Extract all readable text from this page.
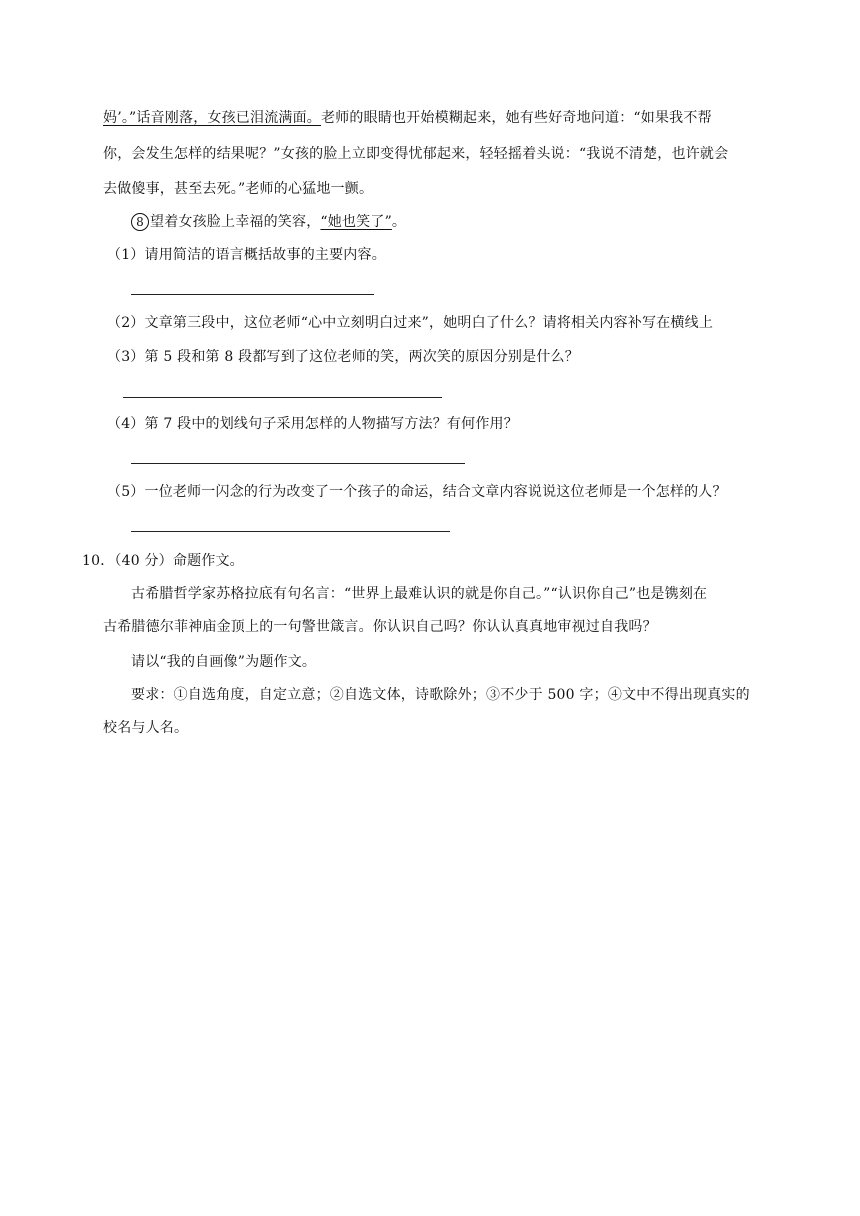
妈’。”话音刚落，女孩已泪流满面。老师的眼睛也开始模糊起来，她有些好奇地问道：“如果我不帮
你，会发生怎样的结果呢？”女孩的脸上立即变得忧郁起来，轻轻摇着头说：“我说不清楚，也许就会
去做傻事，甚至去死。”老师的心猛地一颤。
8 望着女孩脸上幸福的笑容，“她也笑了”。
（1）请用简洁的语言概括故事的主要内容。
（2）文章第三段中，这位老师“心中立刻明白过来”，她明白了什么？请将相关内容补写在横线上
（3）第 5 段和第 8 段都写到了这位老师的笑，两次笑的原因分别是什么？
（4）第 7 段中的划线句子采用怎样的人物描写方法？有何作用？
（5）一位老师一闪念的行为改变了一个孩子的命运，结合文章内容说说这位老师是一个怎样的人？
10．（40 分）命题作文。
古希腊哲学家苏格拉底有句名言：“世界上最难认识的就是你自己。”“认识你自己”也是镌刻在
古希腊德尔菲神庙金顶上的一句警世箴言。你认识自己吗？你认认真真地审视过自我吗？
请以“我的自画像”为题作文。
要求：①自选角度，自定立意；②自选文体，诗歌除外；③不少于 500 字；④文中不得出现真实的
校名与人名。
